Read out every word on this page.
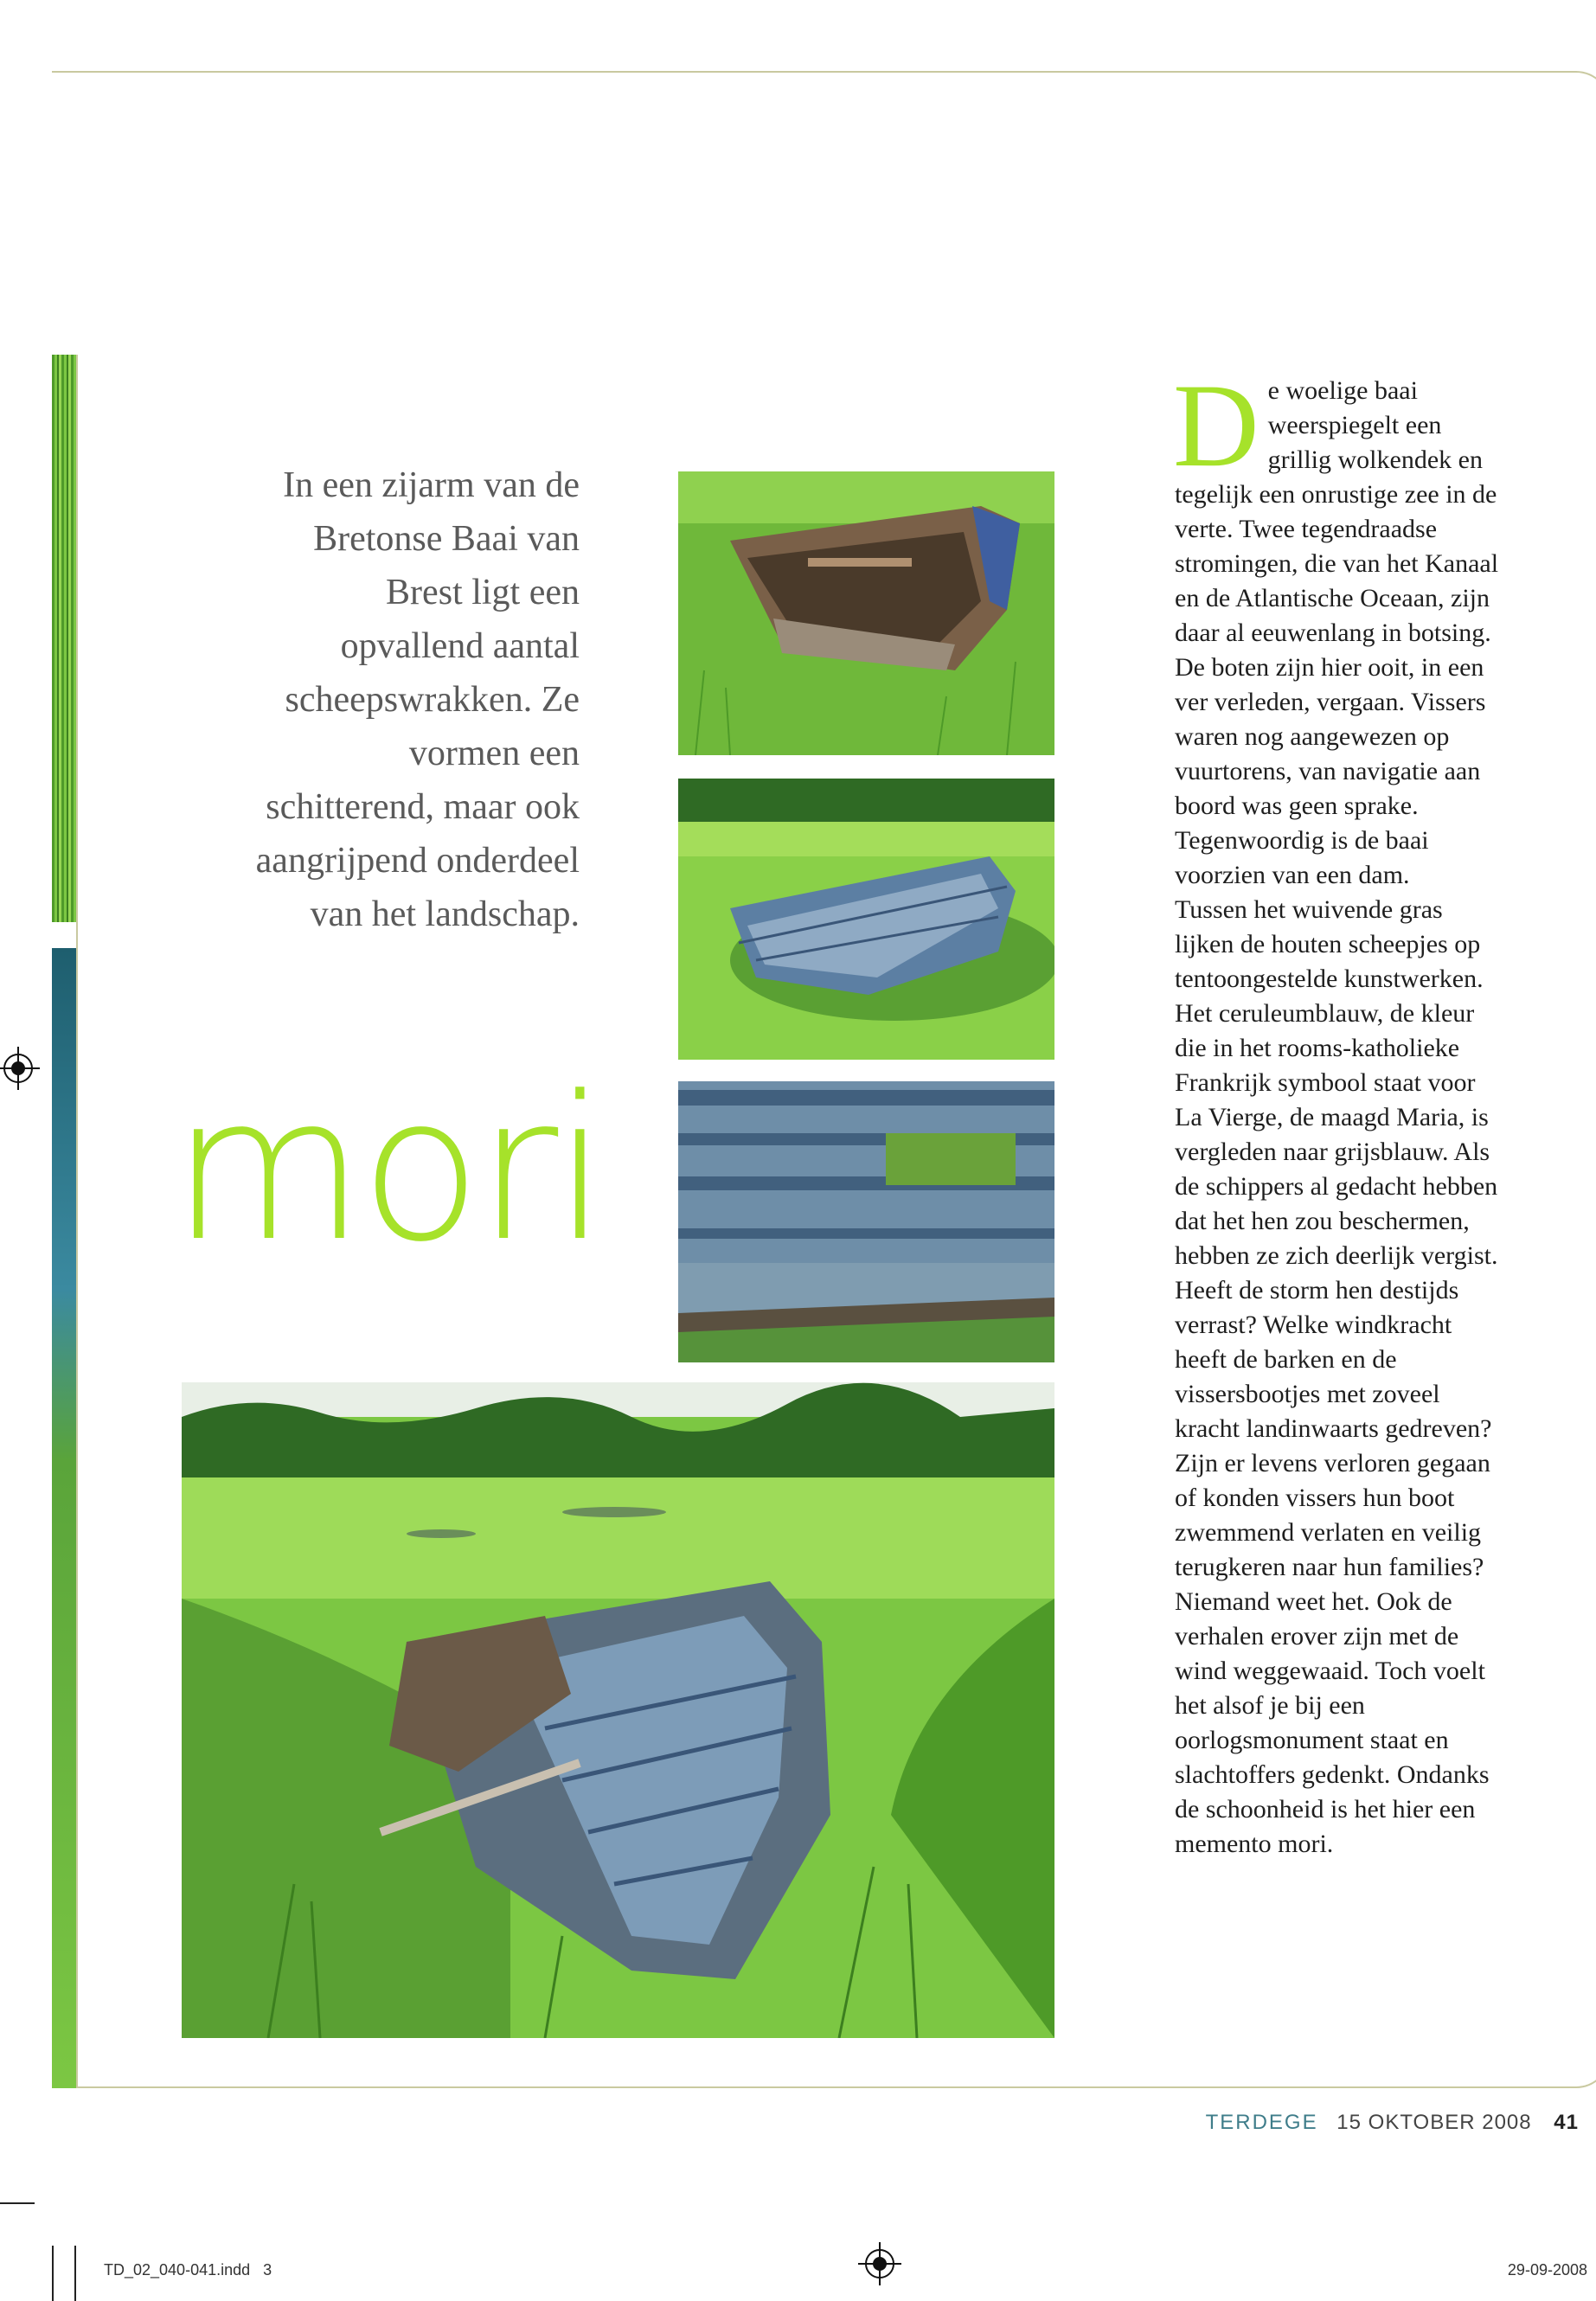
In een zijarm van de Bretonse Baai van Brest ligt een opvallend aantal scheepswrakken. Ze vormen een schitterend, maar ook aangrijpend onderdeel van het landschap.
mori
D e woelige baai weerspiegelt een grillig wolkendek en tegelijk een onrustige zee in de verte. Twee tegendraadse stromingen, die van het Kanaal en de Atlantische Oceaan, zijn daar al eeuwenlang in botsing. De boten zijn hier ooit, in een ver verleden, vergaan. Vissers waren nog aangewezen op vuurtorens, van navigatie aan boord was geen sprake. Tegenwoordig is de baai voorzien van een dam.

Tussen het wuivende gras lijken de houten scheepjes op tentoongestelde kunstwerken. Het ceruleumblauw, de kleur die in het rooms-katholieke Frankrijk symbool staat voor La Vierge, de maagd Maria, is vergleden naar grijsblauw. Als de schippers al gedacht hebben dat het hen zou beschermen, hebben ze zich deerlijk vergist. Heeft de storm hen destijds verrast? Welke windkracht heeft de barken en de vissersbootjes met zoveel kracht landinwaarts gedreven? Zijn er levens verloren gegaan of konden vissers hun boot zwemmend verlaten en veilig terugkeren naar hun families? Niemand weet het. Ook de verhalen erover zijn met de wind weggewaaid. Toch voelt het alsof je bij een oorlogsmonument staat en slachtoffers gedenkt. Ondanks de schoonheid is het hier een memento mori.

TERDEGE 15 OKTOBER 2008 41
TD_02_040-041.indd   3	29-09-2008
